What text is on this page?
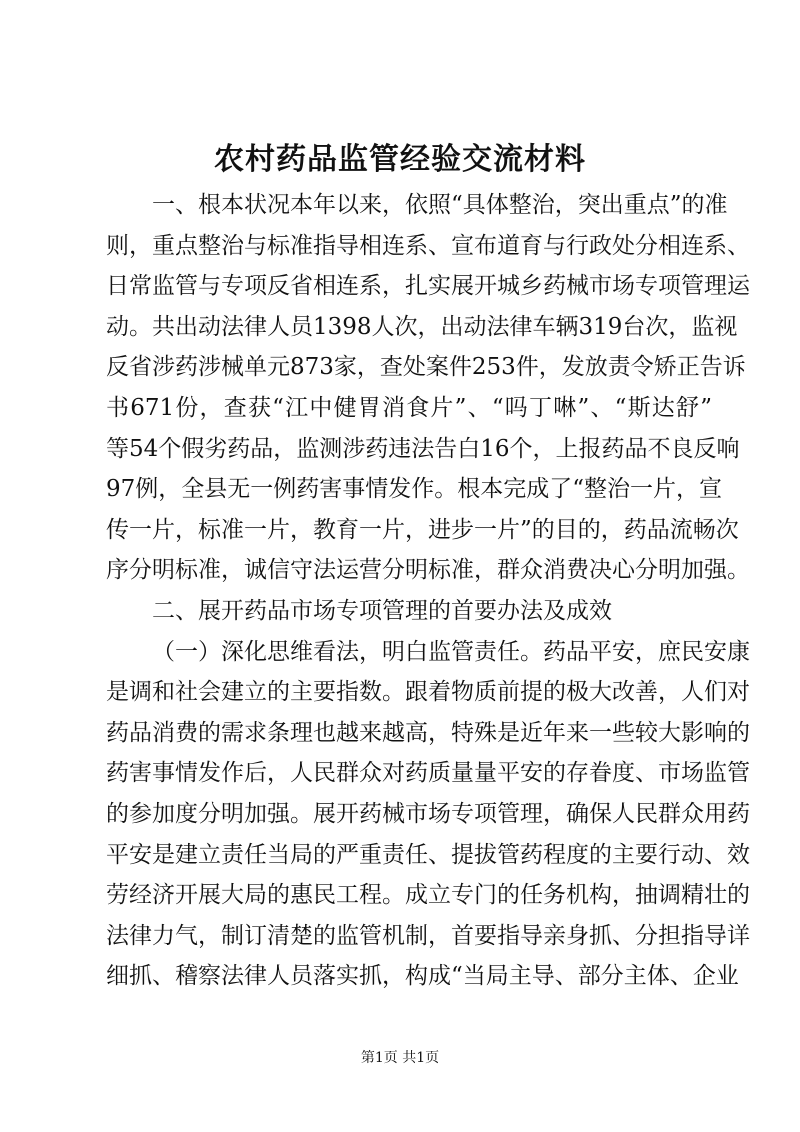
农村药品监管经验交流材料
一、根本状况本年以来，依照“具体整治，突出重点”的准
则，重点整治与标准指导相连系、宣布道育与行政处分相连系、
日常监管与专项反省相连系，扎实展开城乡药械市场专项管理运
动。共出动法律人员1398人次，出动法律车辆319台次，监视
反省涉药涉械单元873家，查处案件253件，发放责令矫正告诉
书671份，查获“江中健胃消食片”、“吗丁啉”、“斯达舒”
等54个假劣药品，监测涉药违法告白16个，上报药品不良反响
97例，全县无一例药害事情发作。根本完成了“整治一片，宣
传一片，标准一片，教育一片，进步一片”的目的，药品流畅次
序分明标准，诚信守法运营分明标准，群众消费决心分明加强。
二、展开药品市场专项管理的首要办法及成效
（一）深化思维看法，明白监管责任。药品平安，庶民安康
是调和社会建立的主要指数。跟着物质前提的极大改善，人们对
药品消费的需求条理也越来越高，特殊是近年来一些较大影响的
药害事情发作后，人民群众对药质量量平安的存眷度、市场监管
的参加度分明加强。展开药械市场专项管理，确保人民群众用药
平安是建立责任当局的严重责任、提拔管药程度的主要行动、效
劳经济开展大局的惠民工程。成立专门的任务机构，抽调精壮的
法律力气，制订清楚的监管机制，首要指导亲身抓、分担指导详
细抓、稽察法律人员落实抓，构成“当局主导、部分主体、企业
第1页 共1页
